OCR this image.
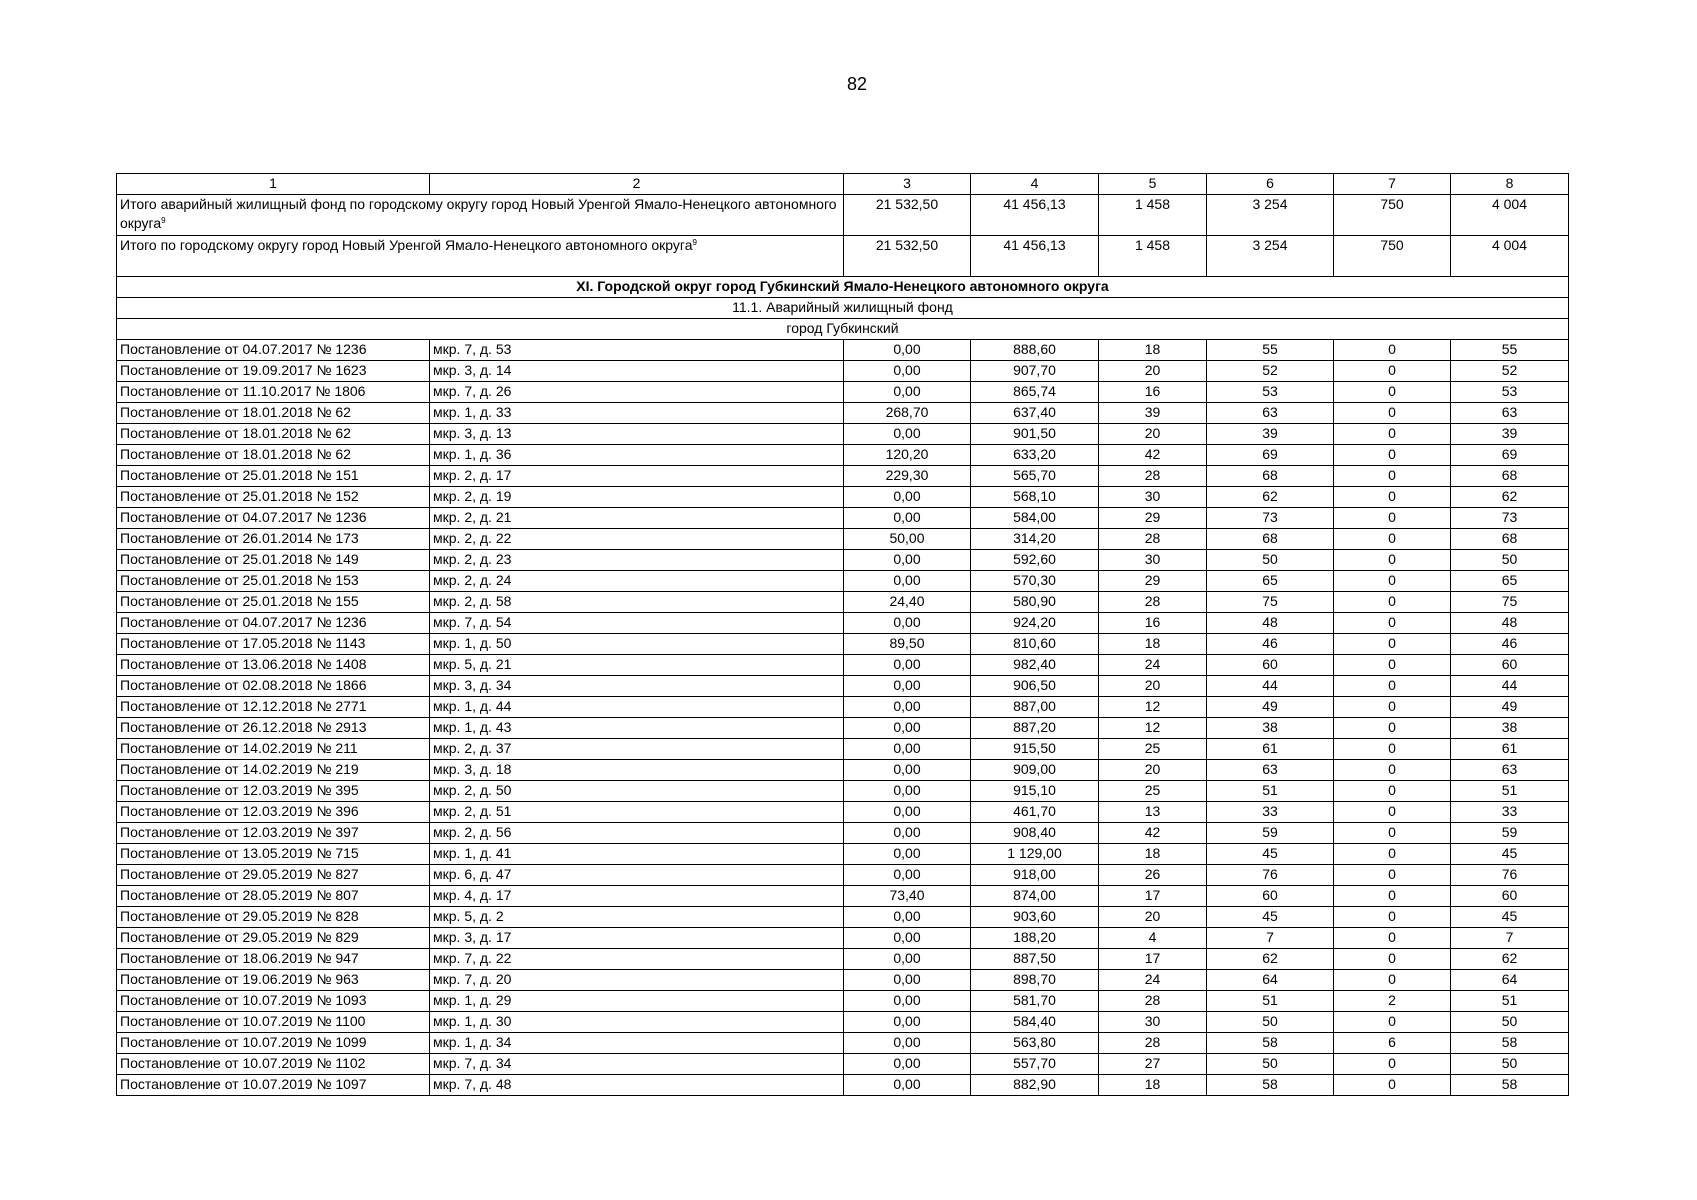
82
1	2	3	4	5	6	7	8
Итого аварийный жилищный фонд по городскому округу город Новый Уренгой Ямало-Ненецкого автономного округа$^9$		21 532,50	41 456,13	1 458	3 254	750	4 004
Итого по городскому округу город Новый Уренгой Ямало-Ненецкого автономного округа$^9$		21 532,50	41 456,13	1 458	3 254	750	4 004
XI. Городской округ город Губкинский Ямало-Ненецкого автономного округа							
11.1. Аварийный жилищный фонд							
город Губкинский							
Постановление от 04.07.2017 № 1236	мкр. 7, д. 53	0,00	888,60	18	55	0	55
Постановление от 19.09.2017 № 1623	мкр. 3, д. 14	0,00	907,70	20	52	0	52
Постановление от 11.10.2017 № 1806	мкр. 7, д. 26	0,00	865,74	16	53	0	53
Постановление от 18.01.2018 № 62	мкр. 1, д. 33	268,70	637,40	39	63	0	63
Постановление от 18.01.2018 № 62	мкр. 3, д. 13	0,00	901,50	20	39	0	39
Постановление от 18.01.2018 № 62	мкр. 1, д. 36	120,20	633,20	42	69	0	69
Постановление от 25.01.2018 № 151	мкр. 2, д. 17	229,30	565,70	28	68	0	68
Постановление от 25.01.2018 № 152	мкр. 2, д. 19	0,00	568,10	30	62	0	62
Постановление от 04.07.2017 № 1236	мкр. 2, д. 21	0,00	584,00	29	73	0	73
Постановление от 26.01.2014 № 173	мкр. 2, д. 22	50,00	314,20	28	68	0	68
Постановление от 25.01.2018 № 149	мкр. 2, д. 23	0,00	592,60	30	50	0	50
Постановление от 25.01.2018 № 153	мкр. 2, д. 24	0,00	570,30	29	65	0	65
Постановление от 25.01.2018 № 155	мкр. 2, д. 58	24,40	580,90	28	75	0	75
Постановление от 04.07.2017 № 1236	мкр. 7, д. 54	0,00	924,20	16	48	0	48
Постановление от 17.05.2018 № 1143	мкр. 1, д. 50	89,50	810,60	18	46	0	46
Постановление от 13.06.2018 № 1408	мкр. 5, д. 21	0,00	982,40	24	60	0	60
Постановление от 02.08.2018 № 1866	мкр. 3, д. 34	0,00	906,50	20	44	0	44
Постановление от 12.12.2018 № 2771	мкр. 1, д. 44	0,00	887,00	12	49	0	49
Постановление от 26.12.2018 № 2913	мкр. 1, д. 43	0,00	887,20	12	38	0	38
Постановление от 14.02.2019 № 211	мкр. 2, д. 37	0,00	915,50	25	61	0	61
Постановление от 14.02.2019 № 219	мкр. 3, д. 18	0,00	909,00	20	63	0	63
Постановление от 12.03.2019 № 395	мкр. 2, д. 50	0,00	915,10	25	51	0	51
Постановление от 12.03.2019 № 396	мкр. 2, д. 51	0,00	461,70	13	33	0	33
Постановление от 12.03.2019 № 397	мкр. 2, д. 56	0,00	908,40	42	59	0	59
Постановление от 13.05.2019 № 715	мкр. 1, д. 41	0,00	1 129,00	18	45	0	45
Постановление от 29.05.2019 № 827	мкр. 6, д. 47	0,00	918,00	26	76	0	76
Постановление от 28.05.2019 № 807	мкр. 4, д. 17	73,40	874,00	17	60	0	60
Постановление от 29.05.2019 № 828	мкр. 5, д. 2	0,00	903,60	20	45	0	45
Постановление от 29.05.2019 № 829	мкр. 3, д. 17	0,00	188,20	4	7	0	7
Постановление от 18.06.2019 № 947	мкр. 7, д. 22	0,00	887,50	17	62	0	62
Постановление от 19.06.2019 № 963	мкр. 7, д. 20	0,00	898,70	24	64	0	64
Постановление от 10.07.2019 № 1093	мкр. 1, д. 29	0,00	581,70	28	51	2	51
Постановление от 10.07.2019 № 1100	мкр. 1, д. 30	0,00	584,40	30	50	0	50
Постановление от 10.07.2019 № 1099	мкр. 1, д. 34	0,00	563,80	28	58	6	58
Постановление от 10.07.2019 № 1102	мкр. 7, д. 34	0,00	557,70	27	50	0	50
Постановление от 10.07.2019 № 1097	мкр. 7, д. 48	0,00	882,90	18	58	0	58
